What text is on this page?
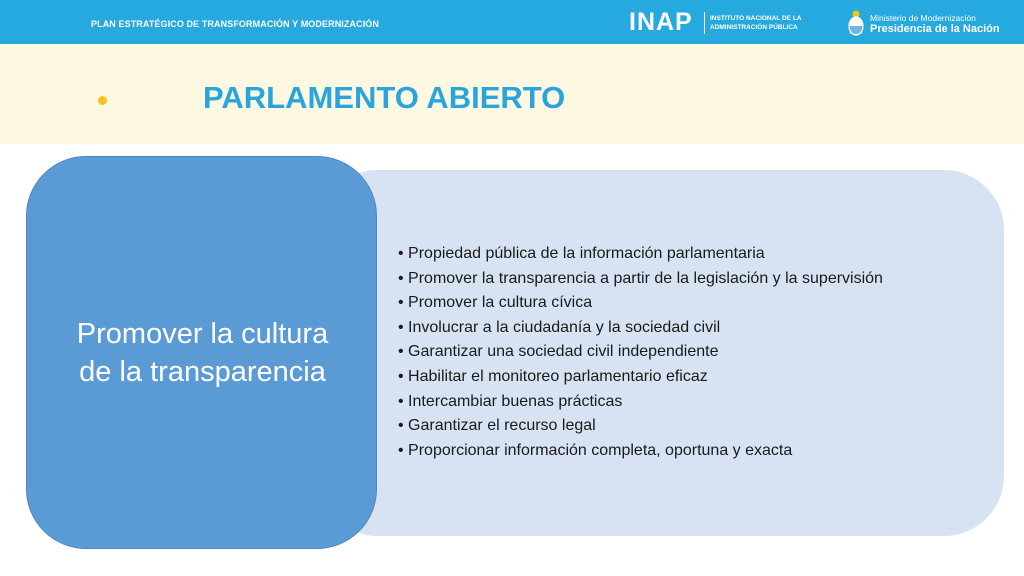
PLAN ESTRATÉGICO DE TRANSFORMACIÓN Y MODERNIZACIÓN	INAP	INSTITUTO NACIONAL DE LA
ADMINISTRACIÓN PÚBLICA
Ministerio de Modernización
Presidencia de la Nación
PARLAMENTO ABIERTO
• Propiedad pública de la información parlamentaria
• Promover la transparencia a partir de la legislación y la supervisión
• Promover la cultura cívica
• Involucrar a la ciudadanía y la sociedad civil
• Garantizar una sociedad civil independiente
• Habilitar el monitoreo parlamentario eficaz
• Intercambiar buenas prácticas
• Garantizar el recurso legal
• Proporcionar información completa, oportuna y exacta
Promover la cultura
de la transparencia
